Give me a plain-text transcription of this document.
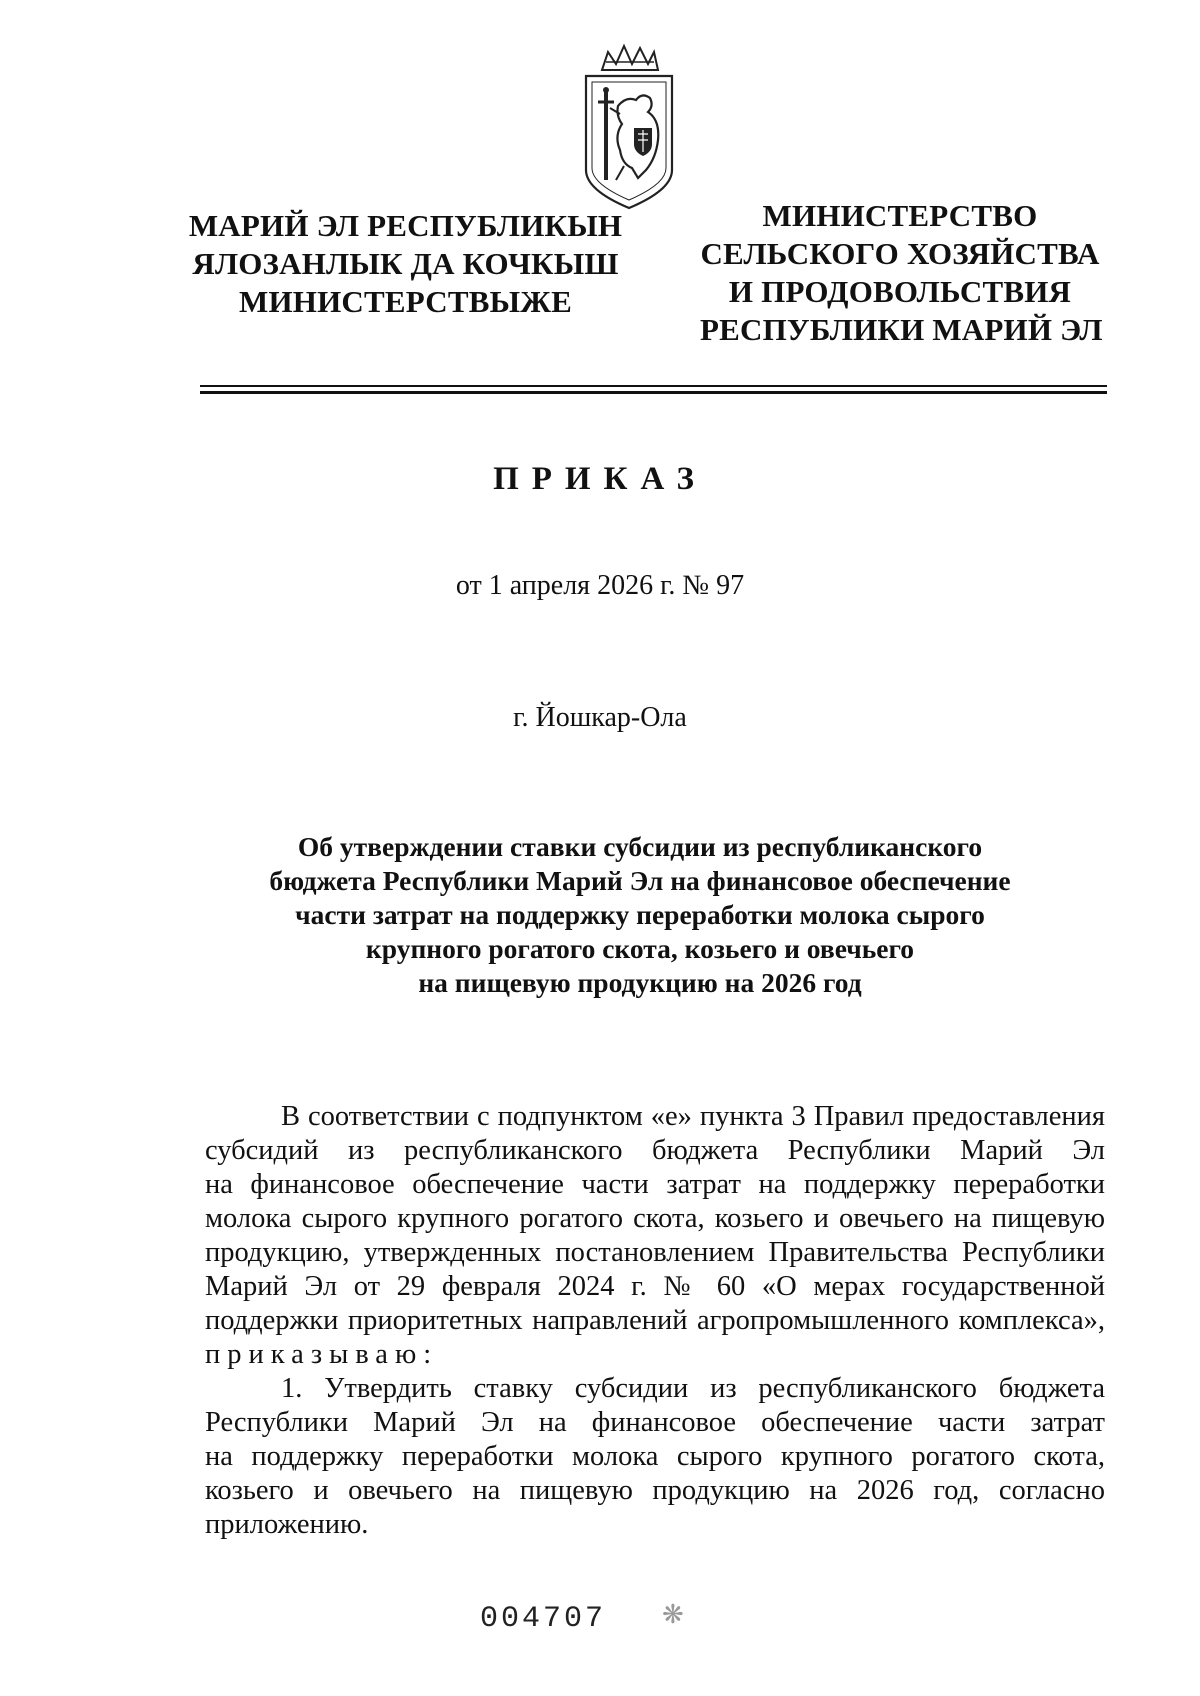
МАРИЙ ЭЛ РЕСПУБЛИКЫН
ЯЛОЗАНЛЫК ДА КОЧКЫШ
МИНИСТЕРСТВЫЖЕ
МИНИСТЕРСТВО
СЕЛЬСКОГО ХОЗЯЙСТВА
И ПРОДОВОЛЬСТВИЯ
РЕСПУБЛИКИ МАРИЙ ЭЛ
ПРИКАЗ
от 1 апреля 2026 г. № 97
г. Йошкар-Ола
Об утверждении ставки субсидии из республиканского
бюджета Республики Марий Эл на финансовое обеспечение
части затрат на поддержку переработки молока сырого
крупного рогатого скота, козьего и овечьего
на пищевую продукцию на 2026 год
В соответствии с подпунктом «е» пункта 3 Правил предоставления
субсидий из республиканского бюджета Республики Марий Эл
на финансовое обеспечение части затрат на поддержку переработки
молока сырого крупного рогатого скота, козьего и овечьего на пищевую
продукцию, утвержденных постановлением Правительства Республики
Марий Эл от 29 февраля 2024 г. № 60 «О мерах государственной
поддержки приоритетных направлений агропромышленного комплекса»,
приказываю:
1. Утвердить ставку субсидии из республиканского бюджета
Республики Марий Эл на финансовое обеспечение части затрат
на поддержку переработки молока сырого крупного рогатого скота,
козьего и овечьего на пищевую продукцию на 2026 год, согласно
приложению.
004707 ❋
